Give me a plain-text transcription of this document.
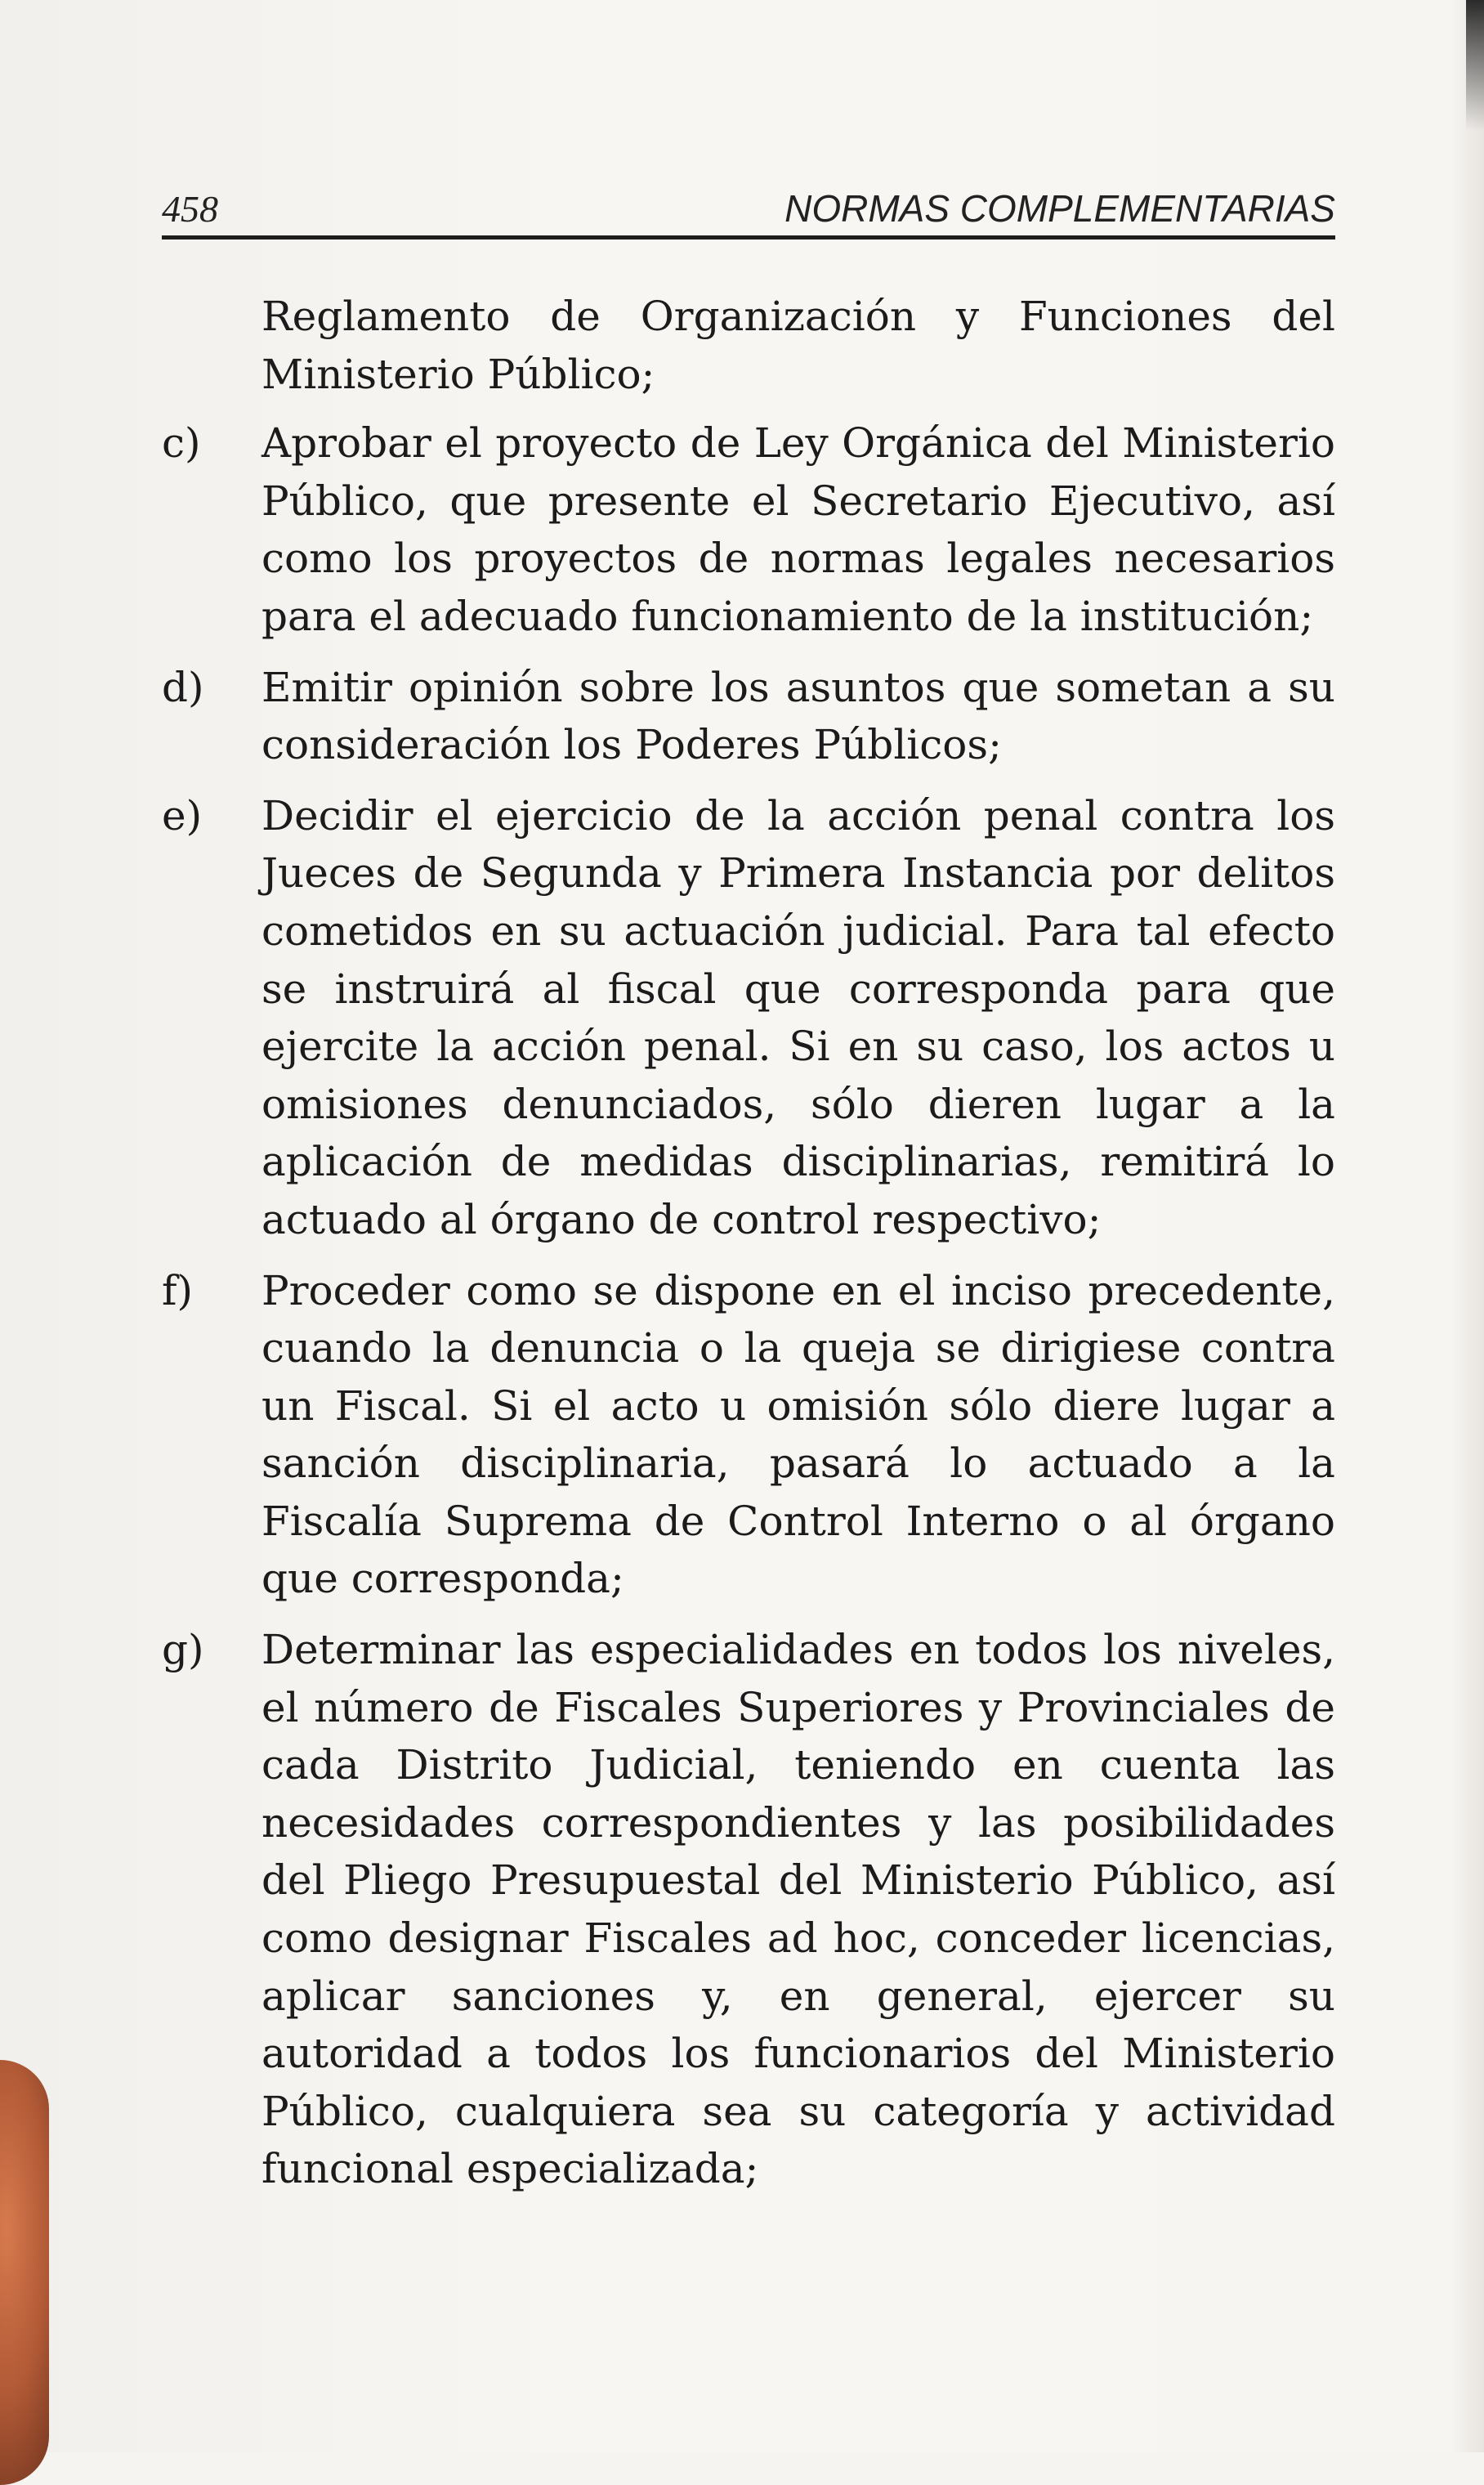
458	NORMAS COMPLEMENTARIAS
Reglamento de Organización y Funciones del Ministerio Público;
c) Aprobar el proyecto de Ley Orgánica del Ministerio Público, que presente el Secretario Ejecutivo, así como los proyectos de normas legales necesarios para el adecuado funcionamiento de la institución;
d) Emitir opinión sobre los asuntos que sometan a su consideración los Poderes Públicos;
e) Decidir el ejercicio de la acción penal contra los Jueces de Segunda y Primera Instancia por delitos cometidos en su actuación judicial. Para tal efecto se instruirá al fiscal que corresponda para que ejercite la acción penal. Si en su caso, los actos u omisiones denunciados, sólo dieren lugar a la aplicación de medidas disciplinarias, remitirá lo actuado al órgano de control respectivo;
f) Proceder como se dispone en el inciso precedente, cuando la denuncia o la queja se dirigiese contra un Fiscal. Si el acto u omisión sólo diere lugar a sanción disciplinaria, pasará lo actuado a la Fiscalía Suprema de Control Interno o al órgano que corresponda;
g) Determinar las especialidades en todos los niveles, el número de Fiscales Superiores y Provinciales de cada Distrito Judicial, teniendo en cuenta las necesidades correspondientes y las posibilidades del Pliego Presupuestal del Ministerio Público, así como designar Fiscales ad hoc, conceder licencias, aplicar sanciones y, en general, ejercer su autoridad a todos los funcionarios del Ministerio Público, cualquiera sea su categoría y actividad funcional especializada;
